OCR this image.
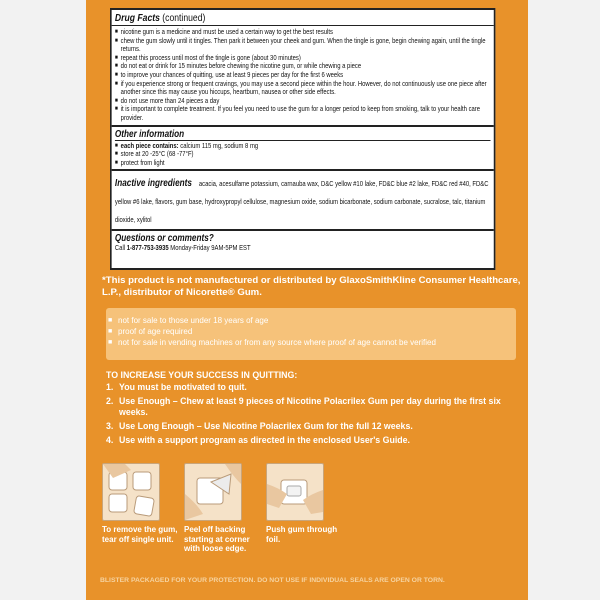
Drug Facts (continued)
■ nicotine gum is a medicine and must be used a certain way to get the best results
■ chew the gum slowly until it tingles. Then park it between your cheek and gum. When the tingle is gone, begin chewing again, until the tingle returns.
■ repeat this process until most of the tingle is gone (about 30 minutes)
■ do not eat or drink for 15 minutes before chewing the nicotine gum, or while chewing a piece
■ to improve your chances of quitting, use at least 9 pieces per day for the first 6 weeks
■ if you experience strong or frequent cravings, you may use a second piece within the hour. However, do not continuously use one piece after another since this may cause you hiccups, heartburn, nausea or other side effects.
■ do not use more than 24 pieces a day
■ it is important to complete treatment. If you feel you need to use the gum for a longer period to keep from smoking, talk to your health care provider.
Other information
■ each piece contains: calcium 115 mg, sodium 8 mg
■ store at 20 -25°C (68 -77°F)
■ protect from light
Inactive ingredients acacia, acesulfame potassium, carnauba wax, D&C yellow #10 lake, FD&C blue #2 lake, FD&C red #40, FD&C yellow #6 lake, flavors, gum base, hydroxypropyl cellulose, magnesium oxide, sodium bicarbonate, sodium carbonate, sucralose, talc, titanium dioxide, xylitol
Questions or comments?
Call 1-877-753-3935 Monday-Friday 9AM-5PM EST
*This product is not manufactured or distributed by GlaxoSmithKline Consumer Healthcare, L.P., distributor of Nicorette® Gum.
■ not for sale to those under 18 years of age
■ proof of age required
■ not for sale in vending machines or from any source where proof of age cannot be verified
TO INCREASE YOUR SUCCESS IN QUITTING:
1. You must be motivated to quit.
2. Use Enough – Chew at least 9 pieces of Nicotine Polacrilex Gum per day during the first six weeks.
3. Use Long Enough – Use Nicotine Polacrilex Gum for the full 12 weeks.
4. Use with a support program as directed in the enclosed User's Guide.
To remove the gum, tear off single unit.
Peel off backing starting at corner with loose edge.
Push gum through foil.
BLISTER PACKAGED FOR YOUR PROTECTION. DO NOT USE IF INDIVIDUAL SEALS ARE OPEN OR TORN.
